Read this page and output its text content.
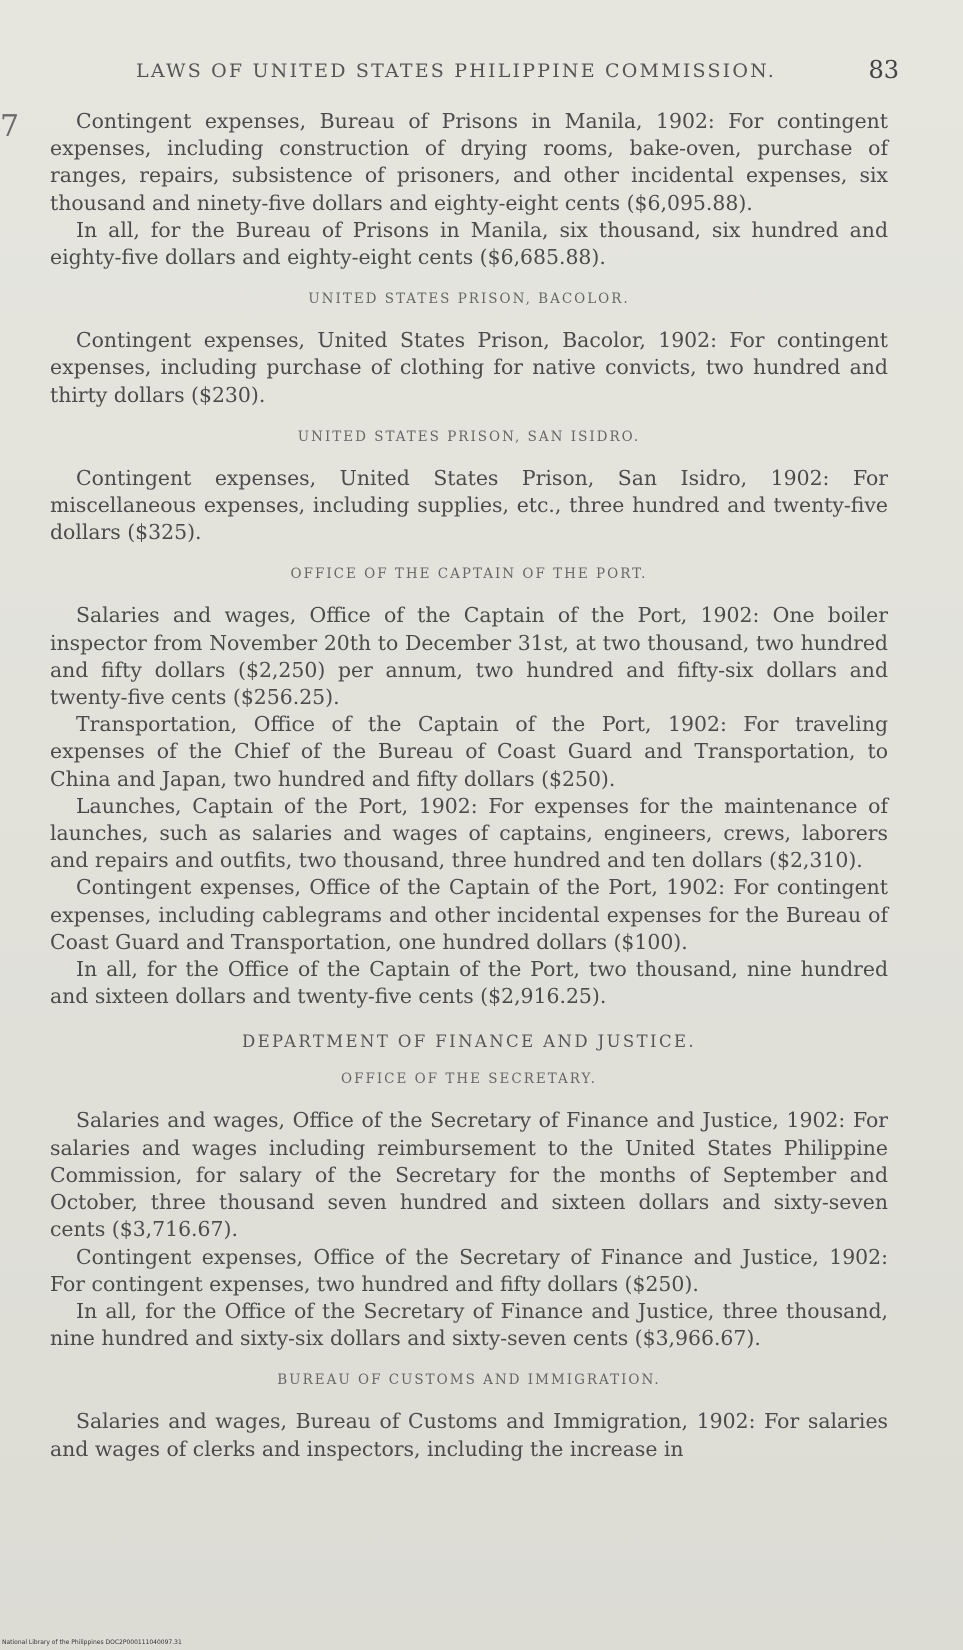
7
LAWS OF UNITED STATES PHILIPPINE COMMISSION.	83

Contingent expenses, Bureau of Prisons in Manila, 1902: For contingent expenses, including construction of drying rooms, bake-oven, purchase of ranges, repairs, subsistence of prisoners, and other incidental expenses, six thousand and ninety-five dollars and eighty-eight cents ($6,095.88).

In all, for the Bureau of Prisons in Manila, six thousand, six hundred and eighty-five dollars and eighty-eight cents ($6,685.88).

UNITED STATES PRISON, BACOLOR.

Contingent expenses, United States Prison, Bacolor, 1902: For contingent expenses, including purchase of clothing for native convicts, two hundred and thirty dollars ($230).

UNITED STATES PRISON, SAN ISIDRO.

Contingent expenses, United States Prison, San Isidro, 1902: For miscellaneous expenses, including supplies, etc., three hundred and twenty-five dollars ($325).

OFFICE OF THE CAPTAIN OF THE PORT.

Salaries and wages, Office of the Captain of the Port, 1902: One boiler inspector from November 20th to December 31st, at two thousand, two hundred and fifty dollars ($2,250) per annum, two hundred and fifty-six dollars and twenty-five cents ($256.25).

Transportation, Office of the Captain of the Port, 1902: For traveling expenses of the Chief of the Bureau of Coast Guard and Transportation, to China and Japan, two hundred and fifty dollars ($250).

Launches, Captain of the Port, 1902: For expenses for the maintenance of launches, such as salaries and wages of captains, engineers, crews, laborers and repairs and outfits, two thousand, three hundred and ten dollars ($2,310).

Contingent expenses, Office of the Captain of the Port, 1902: For contingent expenses, including cablegrams and other incidental expenses for the Bureau of Coast Guard and Transportation, one hundred dollars ($100).

In all, for the Office of the Captain of the Port, two thousand, nine hundred and sixteen dollars and twenty-five cents ($2,916.25).

DEPARTMENT OF FINANCE AND JUSTICE.
OFFICE OF THE SECRETARY.

Salaries and wages, Office of the Secretary of Finance and Justice, 1902: For salaries and wages including reimbursement to the United States Philippine Commission, for salary of the Secretary for the months of September and October, three thousand seven hundred and sixteen dollars and sixty-seven cents ($3,716.67).

Contingent expenses, Office of the Secretary of Finance and Justice, 1902: For contingent expenses, two hundred and fifty dollars ($250).

In all, for the Office of the Secretary of Finance and Justice, three thousand, nine hundred and sixty-six dollars and sixty-seven cents ($3,966.67).

BUREAU OF CUSTOMS AND IMMIGRATION.

Salaries and wages, Bureau of Customs and Immigration, 1902: For salaries and wages of clerks and inspectors, including the increase in

National Library of the Philippines DOC2P000111040097.31
